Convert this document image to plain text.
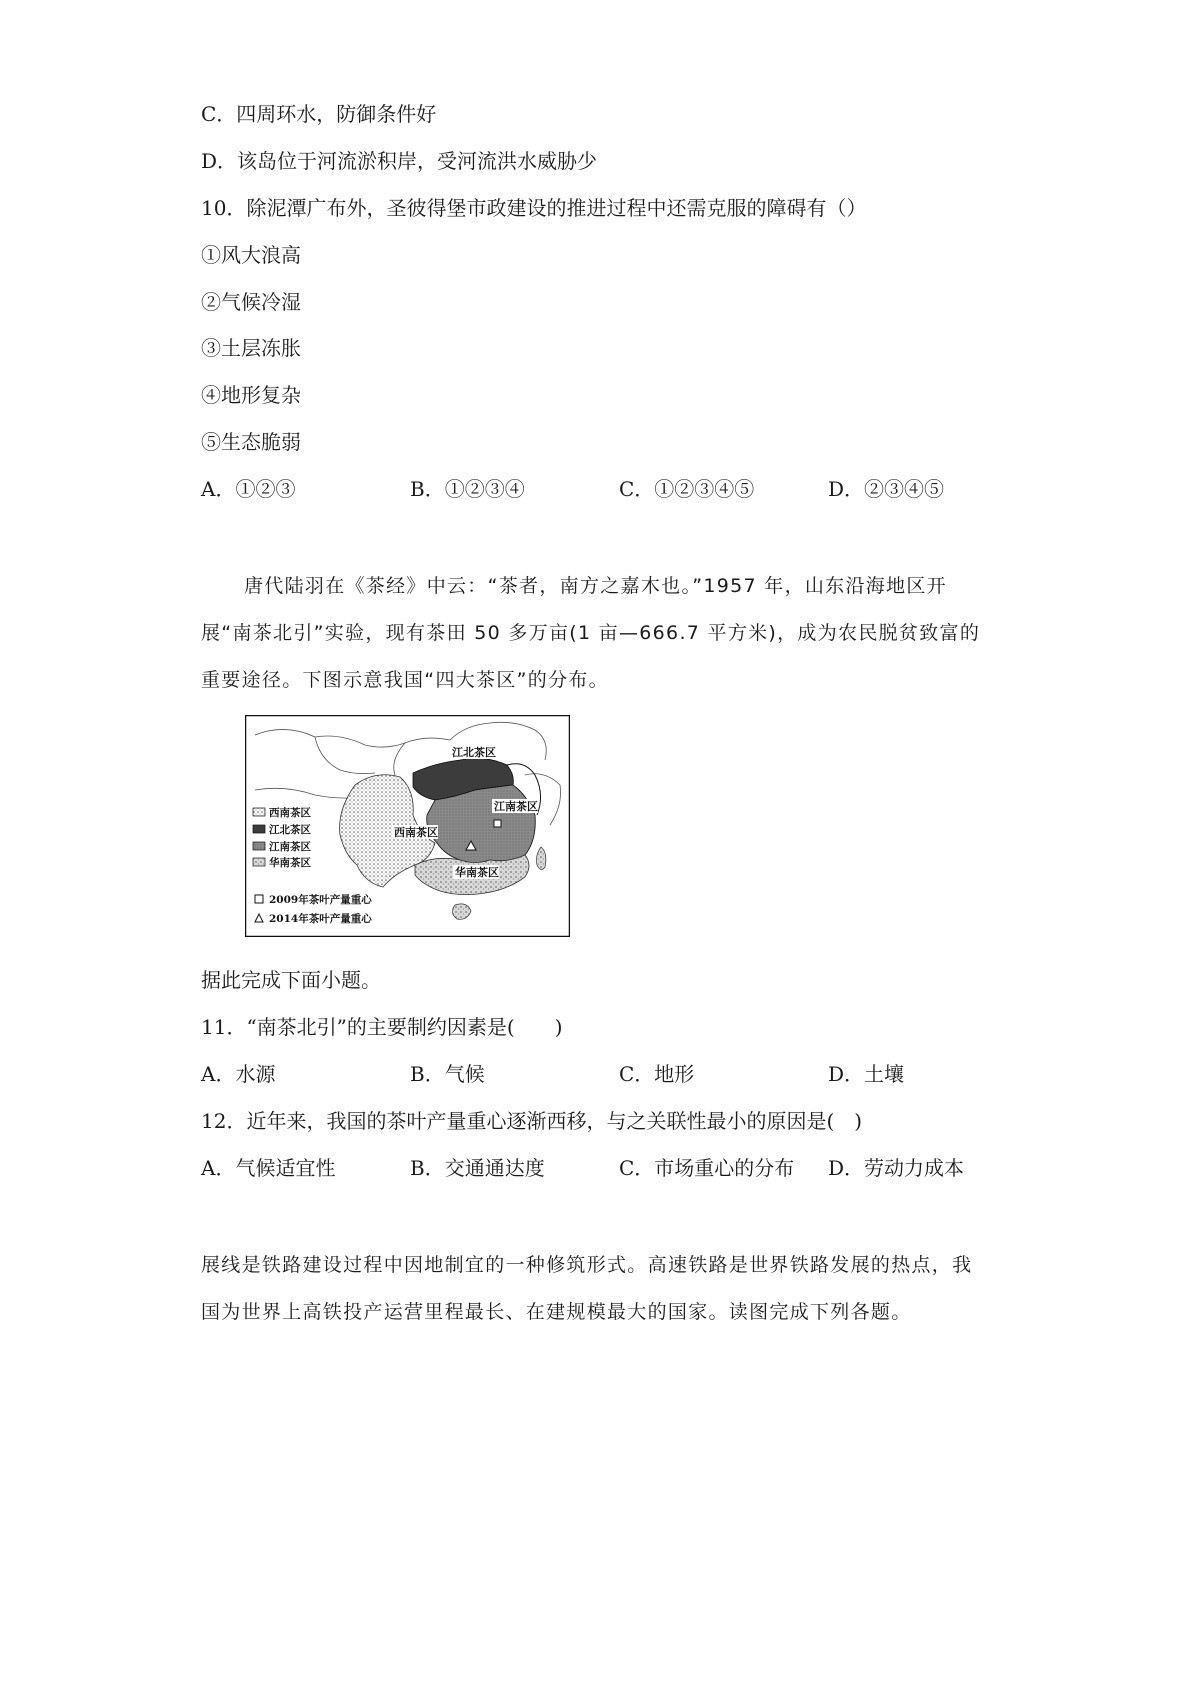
C．四周环水，防御条件好
D．该岛位于河流淤积岸，受河流洪水威胁少
10．除泥潭广布外，圣彼得堡市政建设的推进过程中还需克服的障碍有（）
①风大浪高
②气候冷湿
③土层冻胀
④地形复杂
⑤生态脆弱
A．①②③	B．①②③④	C．①②③④⑤	D．②③④⑤
唐代陆羽在《茶经》中云：“茶者，南方之嘉木也。”1957 年，山东沿海地区开
展“南茶北引”实验，现有茶田 50 多万亩(1 亩—666.7 平方米)，成为农民脱贫致富的
重要途径。下图示意我国“四大茶区”的分布。
江北茶区
江南茶区
西南茶区
华南茶区
西南茶区
江北茶区
江南茶区
华南茶区
2009年茶叶产量重心
2014年茶叶产量重心
据此完成下面小题。
11．“南茶北引”的主要制约因素是(　　)
A．水源	B．气候	C．地形	D．土壤
12．近年来，我国的茶叶产量重心逐渐西移，与之关联性最小的原因是(　)
A．气候适宜性	B．交通通达度	C．市场重心的分布 D．劳动力成本
展线是铁路建设过程中因地制宜的一种修筑形式。高速铁路是世界铁路发展的热点，我
国为世界上高铁投产运营里程最长、在建规模最大的国家。读图完成下列各题。
